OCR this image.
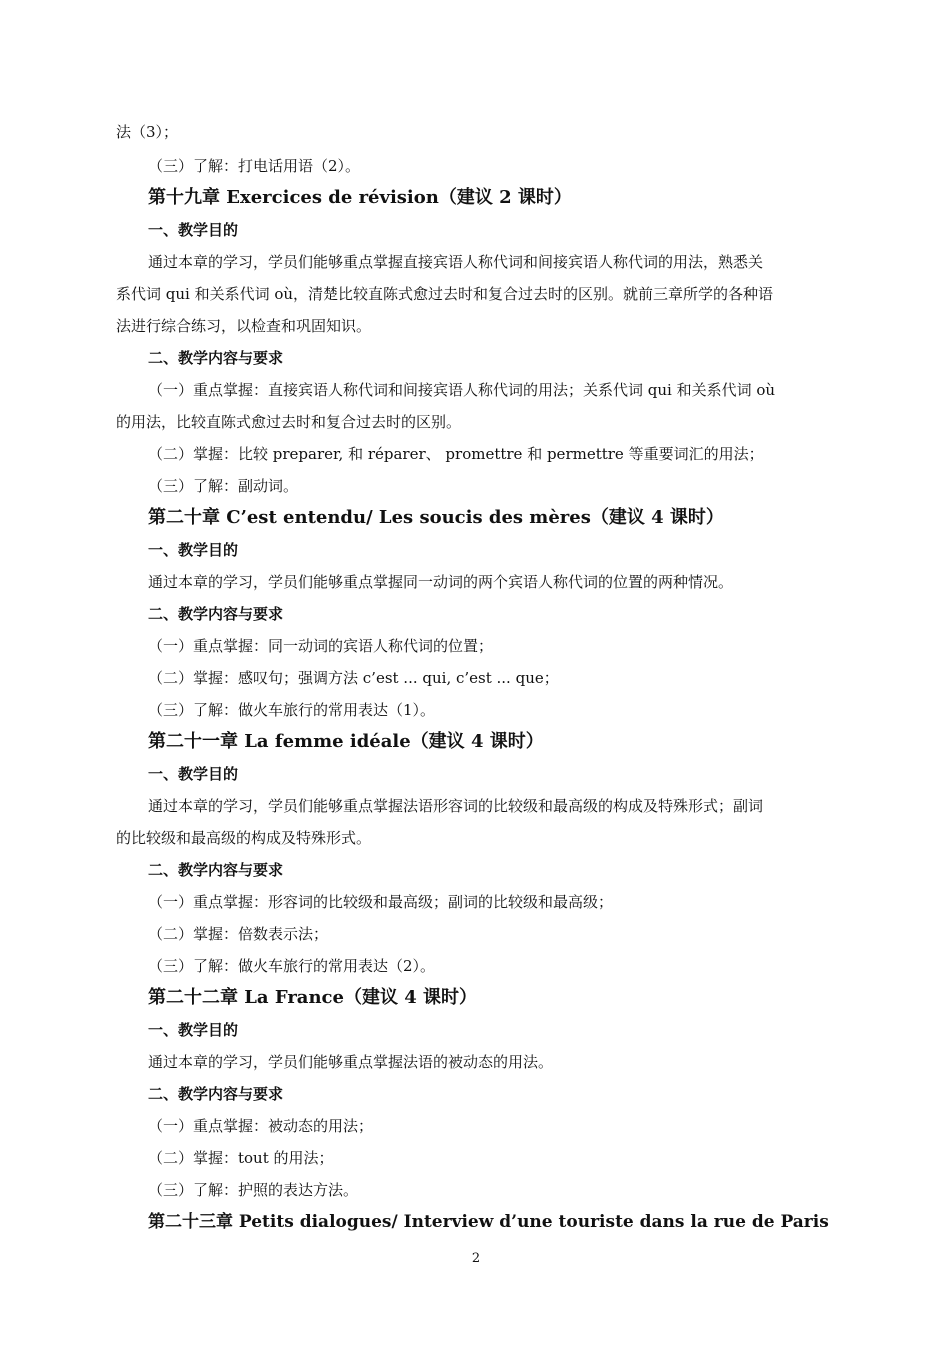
法（3）；
（三）了解：打电话用语（2）。
第十九章 Exercices de révision（建议 2 课时）
一、教学目的
通过本章的学习，学员们能够重点掌握直接宾语人称代词和间接宾语人称代词的用法，熟悉关
系代词 qui 和关系代词 où，清楚比较直陈式愈过去时和复合过去时的区别。就前三章所学的各种语
法进行综合练习，以检查和巩固知识。
二、教学内容与要求
（一）重点掌握：直接宾语人称代词和间接宾语人称代词的用法；关系代词 qui 和关系代词 où
的用法，比较直陈式愈过去时和复合过去时的区别。
（二）掌握：比较 preparer, 和 réparer、 promettre 和 permettre 等重要词汇的用法；
（三）了解：副动词。
第二十章 C’est entendu/ Les soucis des mères（建议 4 课时）
一、教学目的
通过本章的学习，学员们能够重点掌握同一动词的两个宾语人称代词的位置的两种情况。
二、教学内容与要求
（一）重点掌握：同一动词的宾语人称代词的位置；
（二）掌握：感叹句；强调方法 c’est ... qui, c’est ... que；
（三）了解：做火车旅行的常用表达（1）。
第二十一章 La femme idéale（建议 4 课时）
一、教学目的
通过本章的学习，学员们能够重点掌握法语形容词的比较级和最高级的构成及特殊形式；副词
的比较级和最高级的构成及特殊形式。
二、教学内容与要求
（一）重点掌握：形容词的比较级和最高级；副词的比较级和最高级；
（二）掌握：倍数表示法；
（三）了解：做火车旅行的常用表达（2）。
第二十二章 La France（建议 4 课时）
一、教学目的
通过本章的学习，学员们能够重点掌握法语的被动态的用法。
二、教学内容与要求
（一）重点掌握：被动态的用法；
（二）掌握：tout 的用法；
（三）了解：护照的表达方法。
第二十三章 Petits dialogues/ Interview d’une touriste dans la rue de Paris
2
